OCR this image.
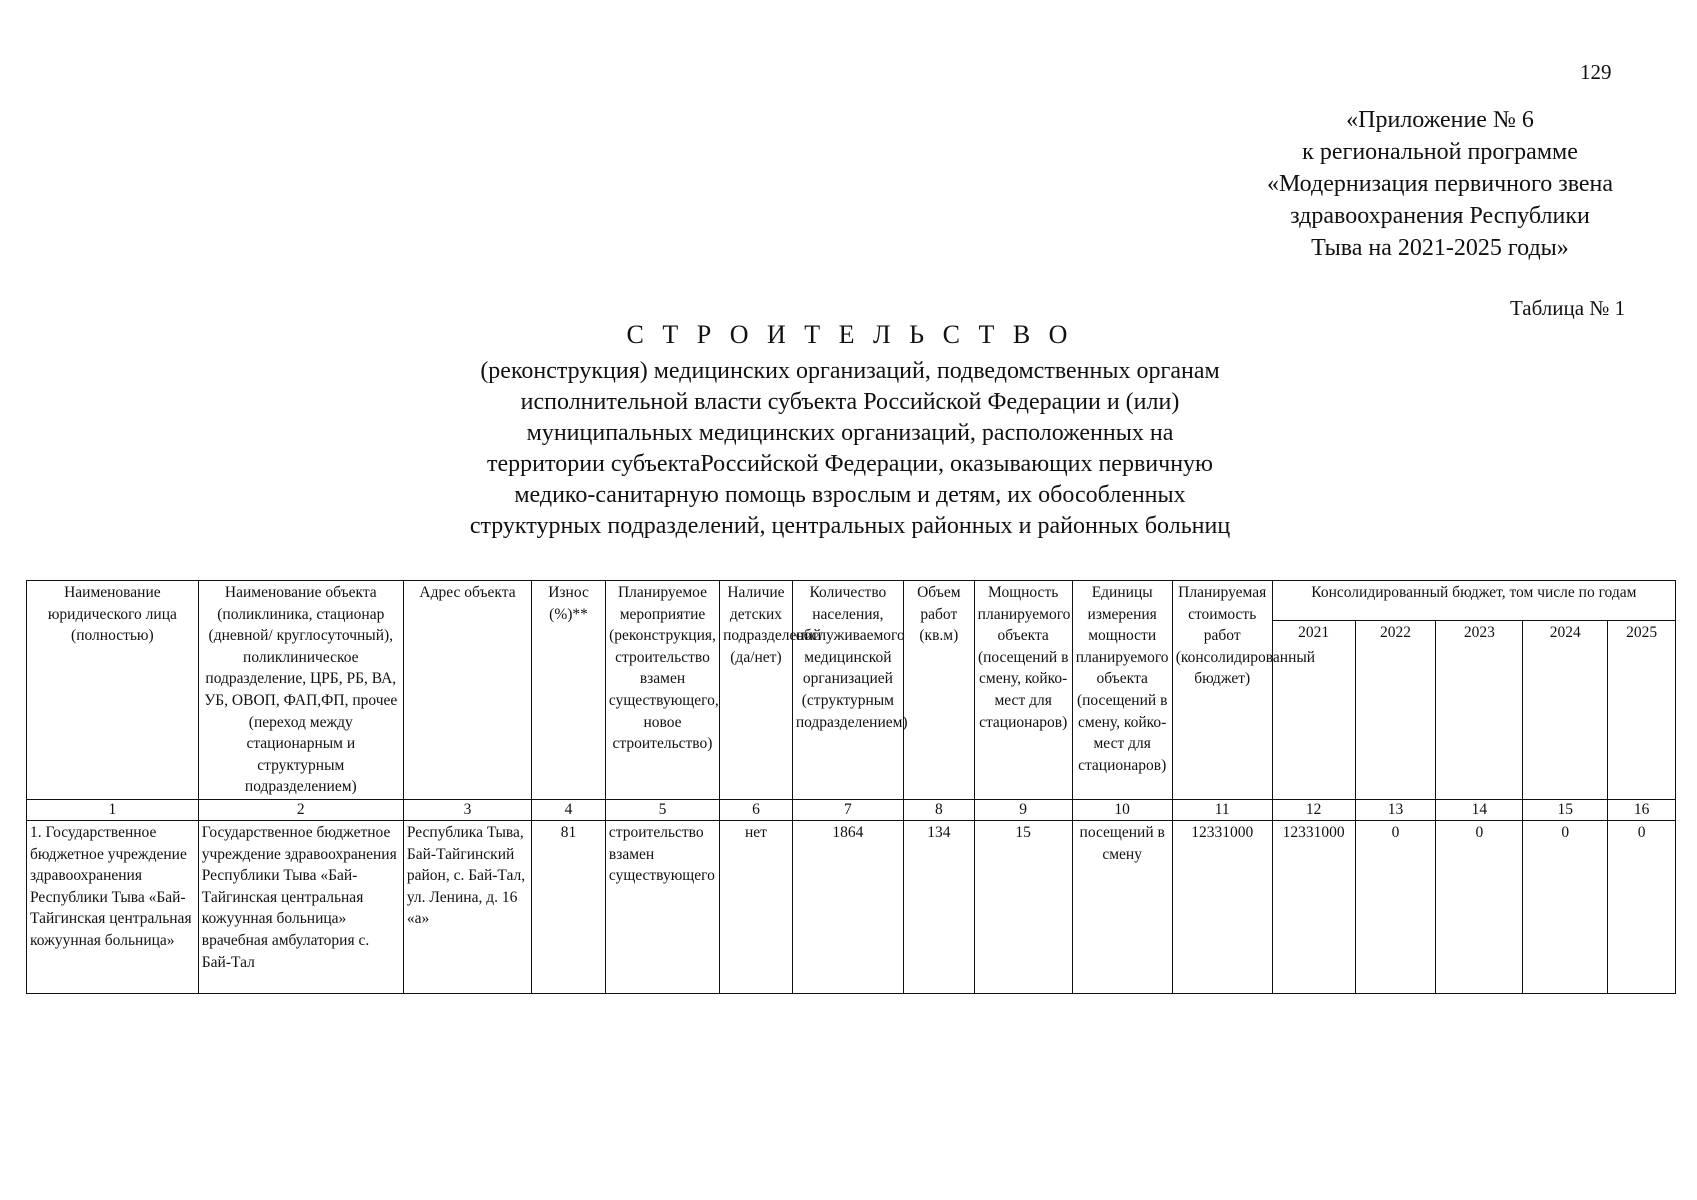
129
«Приложение № 6
к региональной программе
«Модернизация первичного звена
здравоохранения Республики
Тыва на 2021-2025 годы»
Таблица № 1
С Т Р О И Т Е Л Ь С Т В О
(реконструкция) медицинских организаций, подведомственных органам
исполнительной власти субъекта Российской Федерации и (или)
муниципальных медицинских организаций, расположенных на
территории субъектаРоссийской Федерации, оказывающих первичную
медико-санитарную помощь взрослым и детям, их обособленных
структурных подразделений, центральных районных и районных больниц
Наименование юридического лица (полностью)	Наименование объекта (поликлиника, стационар (дневной/ круглосуточный), поликлиническое подразделение, ЦРБ, РБ, ВА, УБ, ОВОП, ФАП,ФП, прочее (переход между стационарным и структурным подразделением)	Адрес объекта	Износ (%)**	Планируемое мероприятие (реконструкция, строительство взамен существующего, новое строительство)	Наличие детских подразделений (да/нет)	Количество населения, обслуживаемого медицинской организацией (структурным подразделением)	Объем работ (кв.м)	Мощность планируемого объекта (посещений в смену, койко-мест для стационаров)	Единицы измерения мощности планируемого объекта (посещений в смену, койко-мест для стационаров)	Планируемая стоимость работ (консолидированный бюджет)	Консолидированный бюджет, том числе по годам				
											2021	2022	2023	2024	2025
1	2	3	4	5	6	7	8	9	10	11	12	13	14	15	16
1. Государственное бюджетное учреждение здравоохранения Республики Тыва «Бай-Тайгинская центральная кожуунная больница»	Государственное бюджетное учреждение здравоохранения Республики Тыва «Бай-Тайгинская центральная кожуунная больница» врачебная амбулатория с. Бай-Тал	Республика Тыва, Бай-Тайгинский район, с. Бай-Тал, ул. Ленина, д. 16 «а»	81	строительство взамен существующего	нет	1864	134	15	посещений в смену	12331000	12331000	0	0	0	0
